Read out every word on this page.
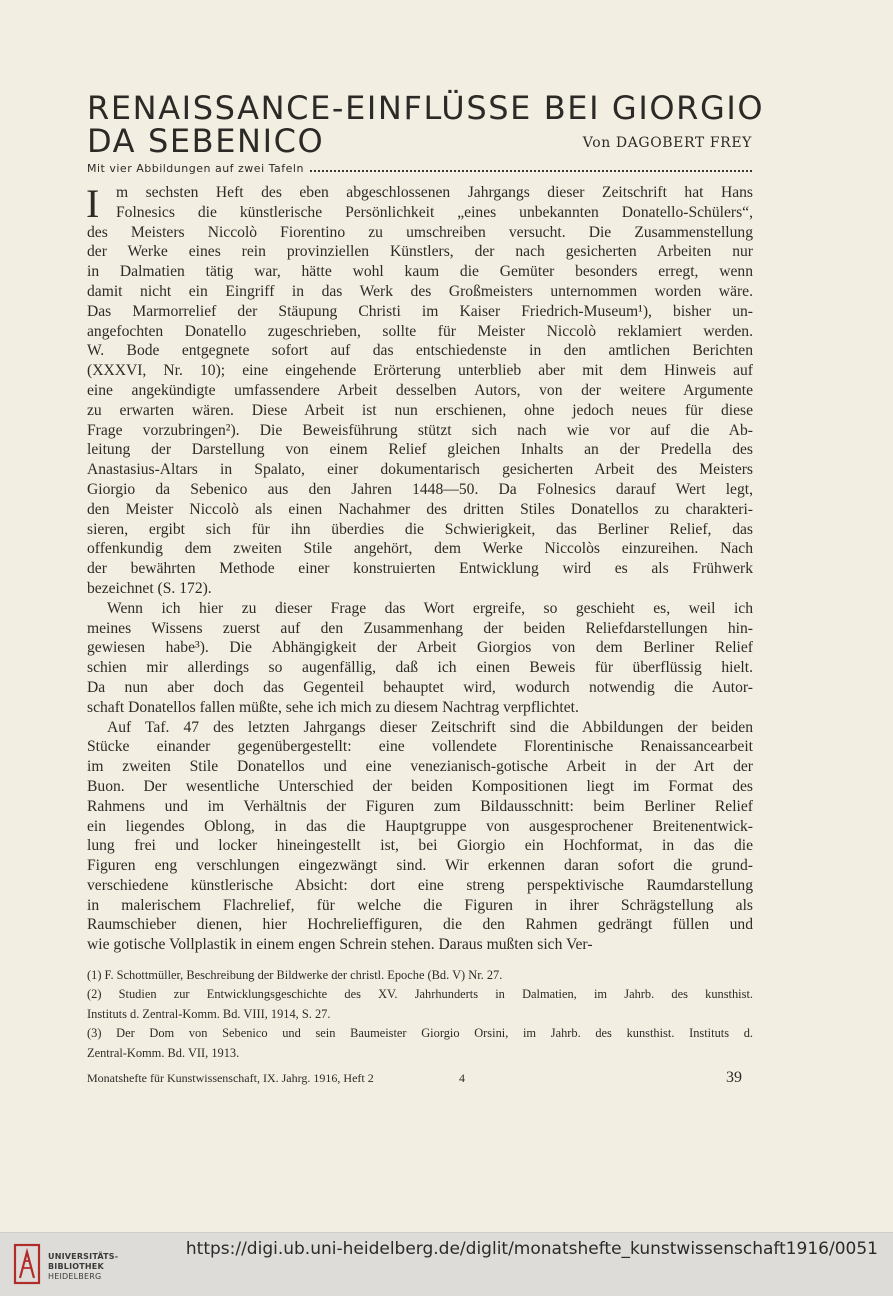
RENAISSANCE-EINFLÜSSE BEI GIORGIO
DA SEBENICO	Von DAGOBERT FREY
Mit vier Abbildungen auf zwei Tafeln
I	m sechsten Heft des eben abgeschlossenen Jahrgangs dieser Zeitschrift hat Hans
Folnesics die künstlerische Persönlichkeit „eines unbekannten Donatello-Schülers“,
des Meisters Niccolò Fiorentino zu umschreiben versucht. Die Zusammenstellung
der Werke eines rein provinziellen Künstlers, der nach gesicherten Arbeiten nur
in Dalmatien tätig war, hätte wohl kaum die Gemüter besonders erregt, wenn
damit nicht ein Eingriff in das Werk des Großmeisters unternommen worden wäre.
Das Marmorrelief der Stäupung Christi im Kaiser Friedrich-Museum¹), bisher un-
angefochten Donatello zugeschrieben, sollte für Meister Niccolò reklamiert werden.
W. Bode entgegnete sofort auf das entschiedenste in den amtlichen Berichten
(XXXVI, Nr. 10); eine eingehende Erörterung unterblieb aber mit dem Hinweis auf
eine angekündigte umfassendere Arbeit desselben Autors, von der weitere Argumente
zu erwarten wären. Diese Arbeit ist nun erschienen, ohne jedoch neues für diese
Frage vorzubringen²). Die Beweisführung stützt sich nach wie vor auf die Ab-
leitung der Darstellung von einem Relief gleichen Inhalts an der Predella des
Anastasius-Altars in Spalato, einer dokumentarisch gesicherten Arbeit des Meisters
Giorgio da Sebenico aus den Jahren 1448—50. Da Folnesics darauf Wert legt,
den Meister Niccolò als einen Nachahmer des dritten Stiles Donatellos zu charakteri-
sieren, ergibt sich für ihn überdies die Schwierigkeit, das Berliner Relief, das
offenkundig dem zweiten Stile angehört, dem Werke Niccolòs einzureihen. Nach
der bewährten Methode einer konstruierten Entwicklung wird es als Frühwerk
bezeichnet (S. 172).
Wenn ich hier zu dieser Frage das Wort ergreife, so geschieht es, weil ich
meines Wissens zuerst auf den Zusammenhang der beiden Reliefdarstellungen hin-
gewiesen habe³). Die Abhängigkeit der Arbeit Giorgios von dem Berliner Relief
schien mir allerdings so augenfällig, daß ich einen Beweis für überflüssig hielt.
Da nun aber doch das Gegenteil behauptet wird, wodurch notwendig die Autor-
schaft Donatellos fallen müßte, sehe ich mich zu diesem Nachtrag verpflichtet.
Auf Taf. 47 des letzten Jahrgangs dieser Zeitschrift sind die Abbildungen der beiden
Stücke einander gegenübergestellt: eine vollendete Florentinische Renaissancearbeit
im zweiten Stile Donatellos und eine venezianisch-gotische Arbeit in der Art der
Buon. Der wesentliche Unterschied der beiden Kompositionen liegt im Format des
Rahmens und im Verhältnis der Figuren zum Bildausschnitt: beim Berliner Relief
ein liegendes Oblong, in das die Hauptgruppe von ausgesprochener Breitenentwick-
lung frei und locker hineingestellt ist, bei Giorgio ein Hochformat, in das die
Figuren eng verschlungen eingezwängt sind. Wir erkennen daran sofort die grund-
verschiedene künstlerische Absicht: dort eine streng perspektivische Raumdarstellung
in malerischem Flachrelief, für welche die Figuren in ihrer Schrägstellung als
Raumschieber dienen, hier Hochrelieffiguren, die den Rahmen gedrängt füllen und
wie gotische Vollplastik in einem engen Schrein stehen. Daraus mußten sich Ver-
(1) F. Schottmüller, Beschreibung der Bildwerke der christl. Epoche (Bd. V) Nr. 27.
(2) Studien zur Entwicklungsgeschichte des XV. Jahrhunderts in Dalmatien, im Jahrb. des kunsthist.
Instituts d. Zentral-Komm. Bd. VIII, 1914, S. 27.
(3) Der Dom von Sebenico und sein Baumeister Giorgio Orsini, im Jahrb. des kunsthist. Instituts d.
Zentral-Komm. Bd. VII, 1913.
Monatshefte für Kunstwissenschaft, IX. Jahrg. 1916, Heft 2	4	39
UNIVERSITÄTS-
BIBLIOTHEK
HEIDELBERG
https://digi.ub.uni-heidelberg.de/diglit/monatshefte_kunstwissenschaft1916/0051
